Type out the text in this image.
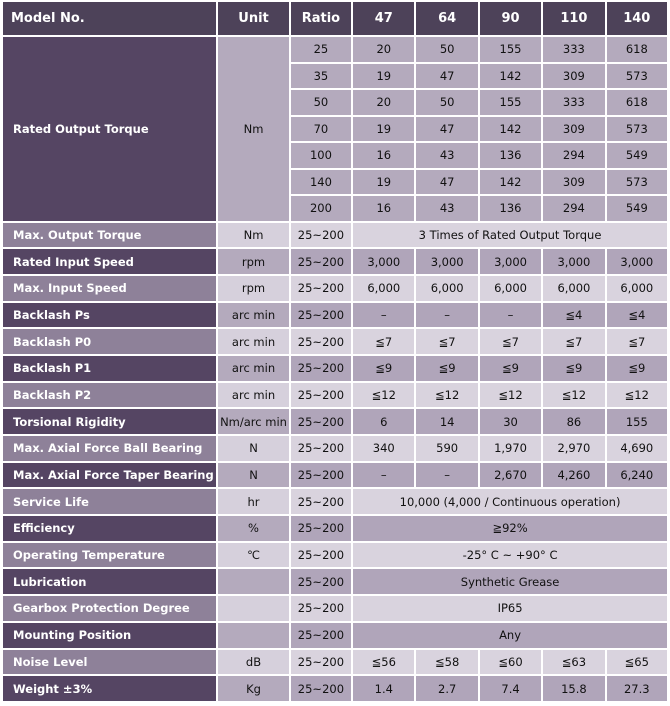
Model No.	Unit	Ratio	47	64	90	110	140
Rated Output Torque	Nm	25	20	50	155	333	618
		35	19	47	142	309	573
		50	20	50	155	333	618
		70	19	47	142	309	573
		100	16	43	136	294	549
		140	19	47	142	309	573
		200	16	43	136	294	549
Max. Output Torque	Nm	25~200	3 Times of Rated Output Torque				
Rated Input Speed	rpm	25~200	3,000	3,000	3,000	3,000	3,000
Max. Input Speed	rpm	25~200	6,000	6,000	6,000	6,000	6,000
Backlash Ps	arc min	25~200	–	–	–	≦4	≦4
Backlash P0	arc min	25~200	≦7	≦7	≦7	≦7	≦7
Backlash P1	arc min	25~200	≦9	≦9	≦9	≦9	≦9
Backlash P2	arc min	25~200	≦12	≦12	≦12	≦12	≦12
Torsional Rigidity	Nm/arc min	25~200	6	14	30	86	155
Max. Axial Force Ball Bearing	N	25~200	340	590	1,970	2,970	4,690
Max. Axial Force Taper Bearing	N	25~200	–	–	2,670	4,260	6,240
Service Life	hr	25~200	10,000 (4,000 / Continuous operation)				
Efficiency	%	25~200	≧92%				
Operating Temperature	℃	25~200	-25° C ~ +90° C				
Lubrication		25~200	Synthetic Grease				
Gearbox Protection Degree		25~200	IP65				
Mounting Position		25~200	Any				
Noise Level	dB	25~200	≦56	≦58	≦60	≦63	≦65
Weight ±3%	Kg	25~200	1.4	2.7	7.4	15.8	27.3
